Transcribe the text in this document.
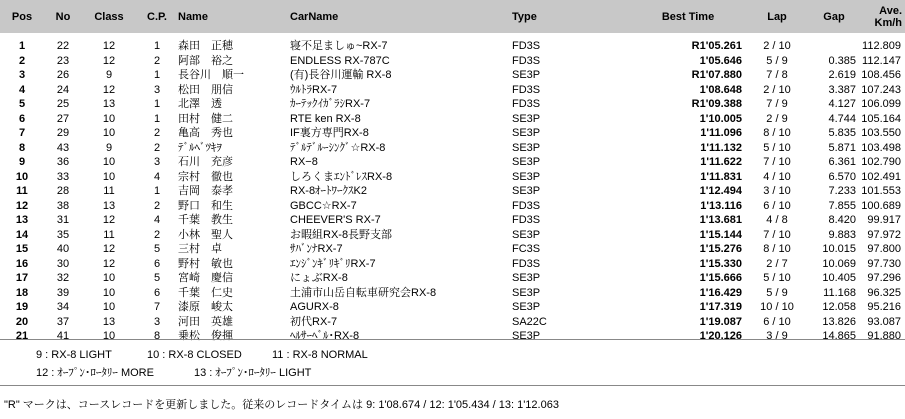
Pos	No	Class	C.P.	Name	CarName	Type	Best Time	Lap	Gap	Ave.
Km/h
1	22	12	1	森田　正穂	寝不足ましゅ~RX-7	FD3S	R1'05.261	2 / 10		112.809
2	23	12	2	阿部　裕之	ENDLESS RX-787C	FD3S	1'05.646	5 / 9	0.385	112.147
3	26	9	1	長谷川　順一	(有)長谷川運輸 RX-8	SE3P	R1'07.880	7 / 8	2.619	108.456
4	24	12	3	松田　朋信	ｳﾙﾄﾗRX-7	FD3S	1'08.648	2 / 10	3.387	107.243
5	25	13	1	北澤　透	ｶｰﾃｯｸｲｶﾞﾗｼRX-7	FD3S	R1'09.388	7 / 9	4.127	106.099
6	27	10	1	田村　健二	RTE ken RX-8	SE3P	1'10.005	2 / 9	4.744	105.164
7	29	10	2	亀高　秀也	IF裏方専門RX-8	SE3P	1'11.096	8 / 10	5.835	103.550
8	43	9	2	ﾃﾞﾙﾍﾞﾂｷｦ	ﾃﾞﾙﾃﾞﾙｰｼﾝｸﾞ☆RX-8	SE3P	1'11.132	5 / 10	5.871	103.498
9	36	10	3	石川　充彦	RX−8	SE3P	1'11.622	7 / 10	6.361	102.790
10	33	10	4	宗村　徹也	しろくまｴﾝﾄﾞﾚｽRX-8	SE3P	1'11.831	4 / 10	6.570	102.491
11	28	11	1	吉岡　泰孝	RX-8ｵｰﾄﾜｰｸｽK2	SE3P	1'12.494	3 / 10	7.233	101.553
12	38	13	2	野口　和生	GBCC☆RX-7	FD3S	1'13.116	6 / 10	7.855	100.689
13	31	12	4	千葉　教生	CHEEVER'S RX-7	FD3S	1'13.681	4 / 8	8.420	99.917
14	35	11	2	小林　聖人	お暇組RX-8長野支部	SE3P	1'15.144	7 / 10	9.883	97.972
15	40	12	5	三村　卓	ｻﾊﾞﾝﾅRX-7	FC3S	1'15.276	8 / 10	10.015	97.800
16	30	12	6	野村　敏也	ｴﾝｼﾞﾝｷﾞﾘｷﾞﾘRX-7	FD3S	1'15.330	2 / 7	10.069	97.730
17	32	10	5	宮崎　慶信	にょぶRX-8	SE3P	1'15.666	5 / 10	10.405	97.296
18	39	10	6	千葉　仁史	土浦市山岳自転車研究会RX-8	SE3P	1'16.429	5 / 9	11.168	96.325
19	34	10	7	漆原　峻太	AGURX-8	SE3P	1'17.319	10 / 10	12.058	95.216
20	37	13	3	河田　英雄	初代RX-7	SA22C	1'19.087	6 / 10	13.826	93.087
21	41	10	8	乗松　俊揮	ﾍﾙｻｰﾍﾞﾙ･RX-8	SE3P	1'20.126	3 / 9	14.865	91.880
9 : RX-8 LIGHT	10 : RX-8 CLOSED	11 : RX-8 NORMAL
12 : ｵｰﾌﾟﾝ･ﾛｰﾀﾘｰ MORE	13 : ｵｰﾌﾟﾝ･ﾛｰﾀﾘｰ LIGHT
"R" マークは、コースレコードを更新しました。従来のレコードタイムは 9: 1'08.674 / 12: 1'05.434 / 13: 1'12.063
